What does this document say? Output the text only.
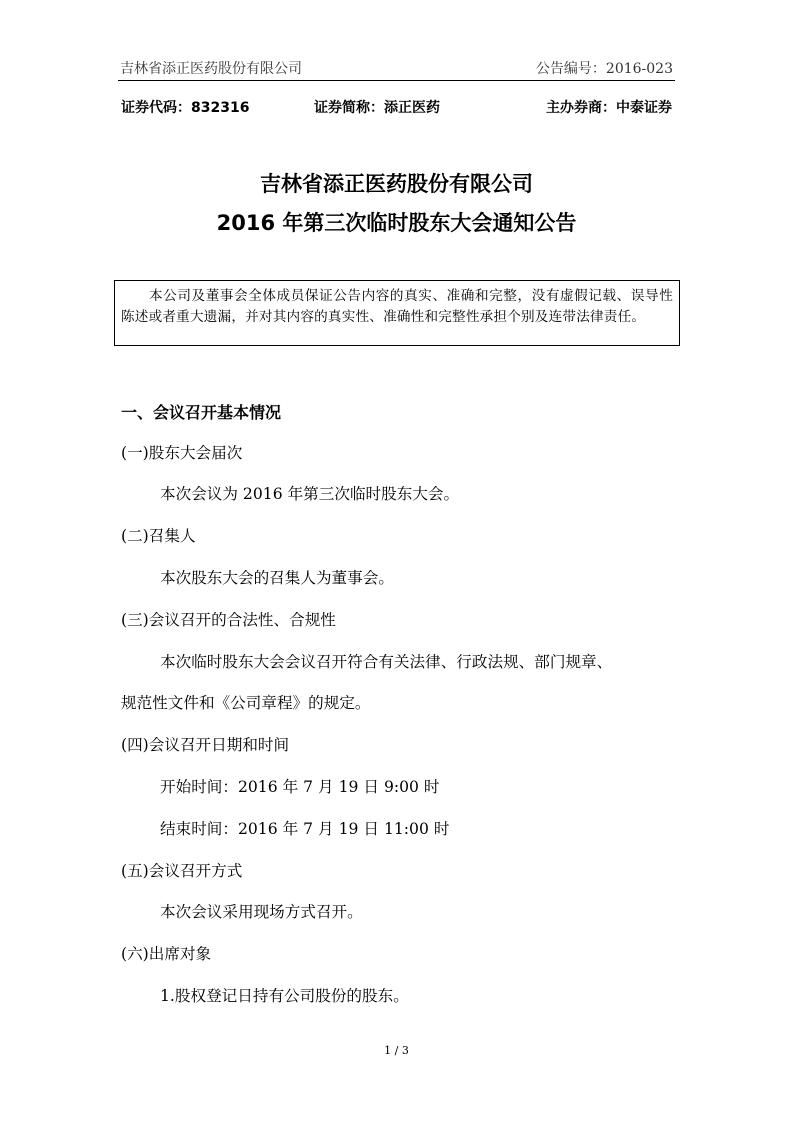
吉林省添正医药股份有限公司	公告编号：2016-023
证券代码：832316	证券简称：添正医药	主办券商：中泰证券
吉林省添正医药股份有限公司
2016 年第三次临时股东大会通知公告
本公司及董事会全体成员保证公告内容的真实、准确和完整，没有虚假记载、误导性陈述或者重大遗漏，并对其内容的真实性、准确性和完整性承担个别及连带法律责任。
一、会议召开基本情况
(一)股东大会届次
本次会议为 2016 年第三次临时股东大会。
(二)召集人
本次股东大会的召集人为董事会。
(三)会议召开的合法性、合规性
本次临时股东大会会议召开符合有关法律、行政法规、部门规章、
规范性文件和《公司章程》的规定。
(四)会议召开日期和时间
开始时间：2016 年 7 月 19 日 9:00 时
结束时间：2016 年 7 月 19 日 11:00 时
(五)会议召开方式
本次会议采用现场方式召开。
(六)出席对象
1.股权登记日持有公司股份的股东。
1 / 3
